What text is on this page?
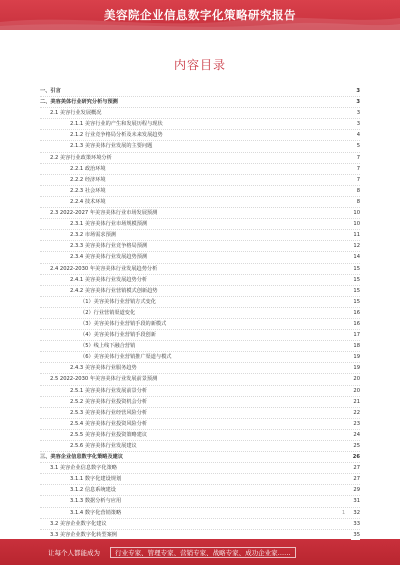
美容院企业信息数字化策略研究报告
内容目录
一、引言	3
二、美容美体行业研究分析与预测	3
2.1 美容行业发展概况	3
2.1.1 美容行业的产生和发展历程与现状	3
2.1.2 行业竞争格局分析及未来发展趋势	4
2.1.3 美容美体行业发展的主要问题	5
2.2 美容行业政策环境分析	7
2.2.1 政治环境	7
2.2.2 经济环境	7
2.2.3 社会环境	8
2.2.4 技术环境	8
2.3 2022-2027 年美容美体行业市场发展预测	10
2.3.1 美容美体行业市场规模预测	10
2.3.2 市场需求预测	11
2.3.3 美容美体行业竞争格局预测	12
2.3.4 美容美体行业发展趋势预测	14
2.4 2022-2030 年美容美体行业发展趋势分析	15
2.4.1 美容美体行业发展趋势分析	15
2.4.2 美容美体行业营销模式创新趋势	15
（1）美容美体行业营销方式变化	15
（2）行业营销渠道变化	16
（3）美容美体行业营销手段的新模式	16
（4）美容美体行业营销手段创新	17
（5）线上线下融合营销	18
（6）美容美体行业营销推广渠道与模式	19
2.4.3 美容美体行业服务趋势	19
2.5 2022-2030 年美容美体行业发展前景预测	20
2.5.1 美容美体行业发展前景分析	20
2.5.2 美容美体行业投资机会分析	21
2.5.3 美容美体行业经营风险分析	22
2.5.4 美容美体行业投资风险分析	23
2.5.5 美容美体行业投资策略建议	24
2.5.6 美容美体行业发展建议	25
三、美容企业信息数字化策略及建议	26
3.1 美容企业信息数字化策略	27
3.1.1 数字化建设规划	27
3.1.2 信息系统建设	29
3.1.3 数据分析与应用	31
3.1.4 数字化营销策略	32
3.2 美容企业数字化建议	33
3.3 美容企业数字化转型案例	35
1
让每个人都能成为 行业专家、管理专家、营销专家、战略专家、成功企业家……
